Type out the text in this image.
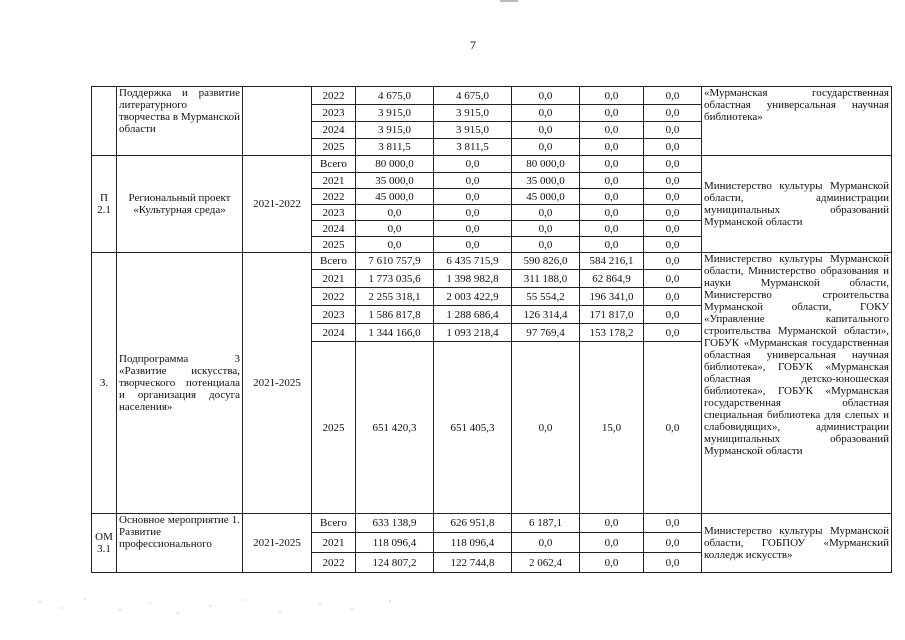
7
	Поддержка и развитие литературного творчества в Мурманской области		2022	4 675,0	4 675,0	0,0	0,0	0,0	«Мурманская государственная областная универсальная научная библиотека»
			2023	3 915,0	3 915,0	0,0	0,0	0,0	
			2024	3 915,0	3 915,0	0,0	0,0	0,0	
			2025	3 811,5	3 811,5	0,0	0,0	0,0	
П 2.1	Региональный проект «Культурная среда»	2021-2022	Всего	80 000,0	0,0	80 000,0	0,0	0,0	Министерство культуры Мурманской области, администрации муниципальных образований Мурманской области
			2021	35 000,0	0,0	35 000,0	0,0	0,0	
			2022	45 000,0	0,0	45 000,0	0,0	0,0	
			2023	0,0	0,0	0,0	0,0	0,0	
			2024	0,0	0,0	0,0	0,0	0,0	
			2025	0,0	0,0	0,0	0,0	0,0	
3.	Подпрограмма 3 «Развитие искусства, творческого потенциала и организация досуга населения»	2021-2025	Всего	7 610 757,9	6 435 715,9	590 826,0	584 216,1	0,0	Министерство культуры Мурманской области, Министерство образования и науки Мурманской области, Министерство строительства Мурманской области, ГОКУ «Управление капитального строительства Мурманской области», ГОБУК «Мурманская государственная областная универсальная научная библиотека», ГОБУК «Мурманская областная детско-юношеская библиотека», ГОБУК «Мурманская государственная областная специальная библиотека для слепых и слабовидящих», администрации муниципальных образований Мурманской области
			2021	1 773 035,6	1 398 982,8	311 188,0	62 864,9	0,0	
			2022	2 255 318,1	2 003 422,9	55 554,2	196 341,0	0,0	
			2023	1 586 817,8	1 288 686,4	126 314,4	171 817,0	0,0	
			2024	1 344 166,0	1 093 218,4	97 769,4	153 178,2	0,0	
			2025	651 420,3	651 405,3	0,0	15,0	0,0	
ОМ 3.1	Основное мероприятие 1. Развитие профессионального	2021-2025	Всего	633 138,9	626 951,8	6 187,1	0,0	0,0	Министерство культуры Мурманской области, ГОБПОУ «Мурманский колледж искусств»
			2021	118 096,4	118 096,4	0,0	0,0	0,0	
			2022	124 807,2	122 744,8	2 062,4	0,0	0,0	
